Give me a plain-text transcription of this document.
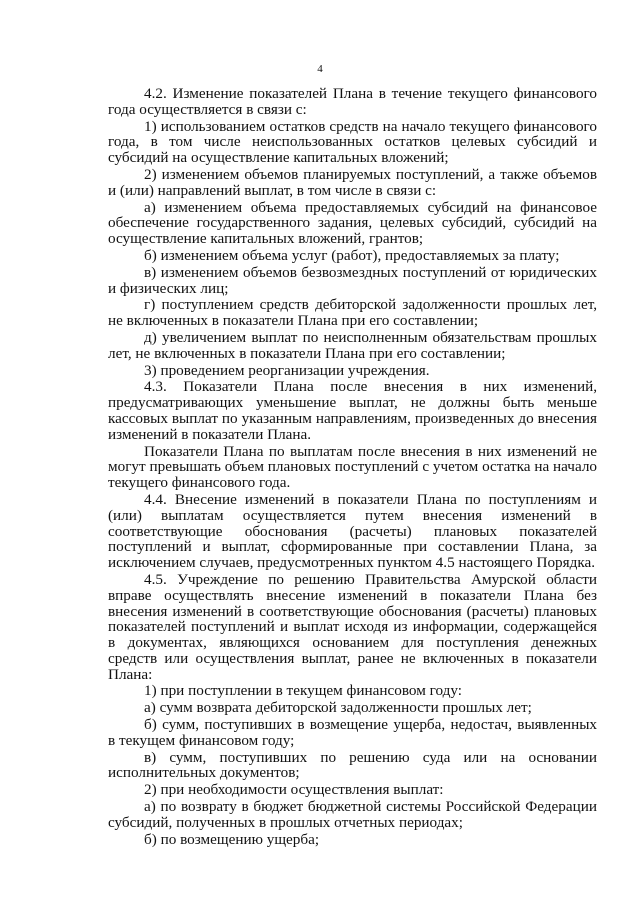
4

4.2. Изменение показателей Плана в течение текущего финансового года осуществляется в связи с:

1) использованием остатков средств на начало текущего финансового года, в том числе неиспользованных остатков целевых субсидий и субсидий на осуществление капитальных вложений;

2) изменением объемов планируемых поступлений, а также объемов и (или) направлений выплат, в том числе в связи с:

а) изменением объема предоставляемых субсидий на финансовое обеспечение государственного задания, целевых субсидий, субсидий на осуществление капитальных вложений, грантов;

б) изменением объема услуг (работ), предоставляемых за плату;

в) изменением объемов безвозмездных поступлений от юридических и физических лиц;

г) поступлением средств дебиторской задолженности прошлых лет, не включенных в показатели Плана при его составлении;

д) увеличением выплат по неисполненным обязательствам прошлых лет, не включенных в показатели Плана при его составлении;

3) проведением реорганизации учреждения.

4.3. Показатели Плана после внесения в них изменений, предусматривающих уменьшение выплат, не должны быть меньше кассовых выплат по указанным направлениям, произведенных до внесения изменений в показатели Плана.

Показатели Плана по выплатам после внесения в них изменений не могут превышать объем плановых поступлений с учетом остатка на начало текущего финансового года.

4.4. Внесение изменений в показатели Плана по поступлениям и (или) выплатам осуществляется путем внесения изменений в соответствующие обоснования (расчеты) плановых показателей поступлений и выплат, сформированные при составлении Плана, за исключением случаев, предусмотренных пунктом 4.5 настоящего Порядка.

4.5. Учреждение по решению Правительства Амурской области вправе осуществлять внесение изменений в показатели Плана без внесения изменений в соответствующие обоснования (расчеты) плановых показателей поступлений и выплат исходя из информации, содержащейся в документах, являющихся основанием для поступления денежных средств или осуществления выплат, ранее не включенных в показатели Плана:

1) при поступлении в текущем финансовом году:

а) сумм возврата дебиторской задолженности прошлых лет;

б) сумм, поступивших в возмещение ущерба, недостач, выявленных в текущем финансовом году;

в) сумм, поступивших по решению суда или на основании исполнительных документов;

2) при необходимости осуществления выплат:

а) по возврату в бюджет бюджетной системы Российской Федерации субсидий, полученных в прошлых отчетных периодах;

б) по возмещению ущерба;
